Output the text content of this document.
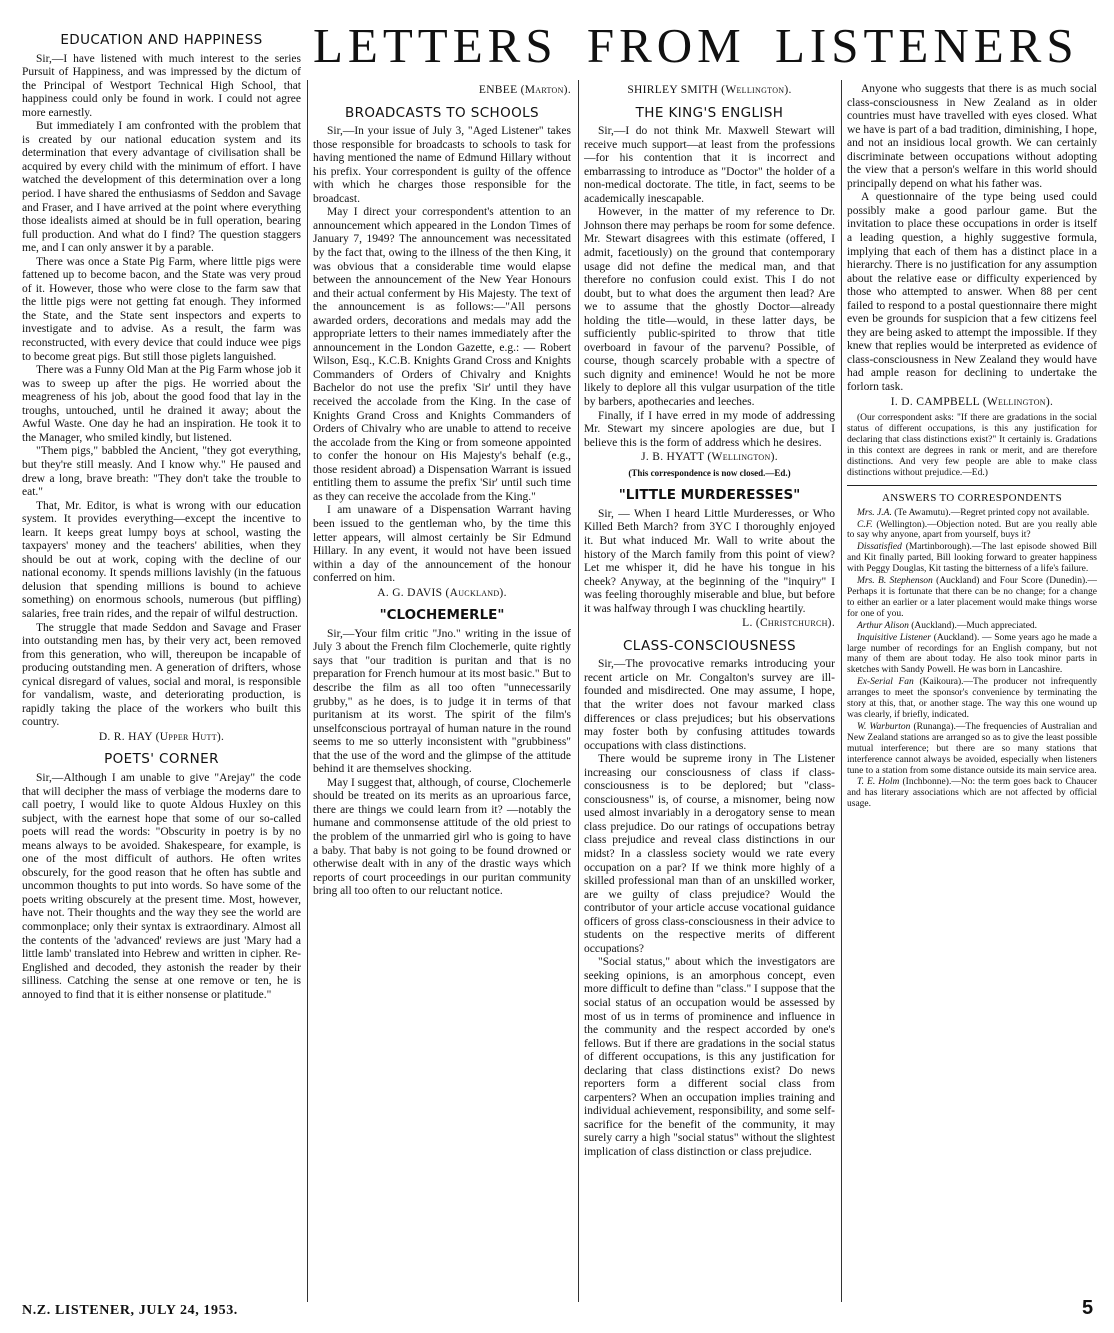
LETTERS FROM LISTENERS
EDUCATION AND HAPPINESS

Sir,—I have listened with much interest to the series Pursuit of Happiness, and was impressed by the dictum of the Principal of Westport Technical High School, that happiness could only be found in work. I could not agree more earnestly.

But immediately I am confronted with the problem that is created by our national education system and its determination that every advantage of civilisation shall be acquired by every child with the minimum of effort. I have watched the development of this determination over a long period. I have shared the enthusiasms of Seddon and Savage and Fraser, and I have arrived at the point where everything those idealists aimed at should be in full operation, bearing full production. And what do I find? The question staggers me, and I can only answer it by a parable.

There was once a State Pig Farm, where little pigs were fattened up to become bacon, and the State was very proud of it. However, those who were close to the farm saw that the little pigs were not getting fat enough. They informed the State, and the State sent inspectors and experts to investigate and to advise. As a result, the farm was reconstructed, with every device that could induce wee pigs to become great pigs. But still those piglets languished.

There was a Funny Old Man at the Pig Farm whose job it was to sweep up after the pigs. He worried about the meagreness of his job, about the good food that lay in the troughs, untouched, until he drained it away; about the Awful Waste. One day he had an inspiration. He took it to the Manager, who smiled kindly, but listened.

"Them pigs," babbled the Ancient, "they got everything, but they're still measly. And I know why." He paused and drew a long, brave breath: "They don't take the trouble to eat."

That, Mr. Editor, is what is wrong with our education system. It provides everything—except the incentive to learn. It keeps great lumpy boys at school, wasting the taxpayers' money and the teachers' abilities, when they should be out at work, coping with the decline of our national economy. It spends millions lavishly (in the fatuous delusion that spending millions is bound to achieve something) on enormous schools, numerous (but piffling) salaries, free train rides, and the repair of wilful destruction.

The struggle that made Seddon and Savage and Fraser into outstanding men has, by their very act, been removed from this generation, who will, thereupon be incapable of producing outstanding men. A generation of drifters, whose cynical disregard of values, social and moral, is responsible for vandalism, waste, and deteriorating production, is rapidly taking the place of the workers who built this country.

D. R. HAY (Upper Hutt).
POETS' CORNER

Sir,—Although I am unable to give "Arejay" the code that will decipher the mass of verbiage the moderns dare to call poetry, I would like to quote Aldous Huxley on this subject, with the earnest hope that some of our so-called poets will read the words: "Obscurity in poetry is by no means always to be avoided. Shakespeare, for example, is one of the most difficult of authors. He often writes obscurely, for the good reason that he often has subtle and uncommon thoughts to put into words. So have some of the poets writing obscurely at the present time. Most, however, have not. Their thoughts and the way they see the world are commonplace; only their syntax is extraordinary. Almost all the contents of the 'advanced' reviews are just 'Mary had a little lamb' translated into Hebrew and written in cipher. Re-Englished and decoded, they astonish the reader by their silliness. Catching the sense at one remove or ten, he is annoyed to find that it is either nonsense or platitude."

ENBEE (Marton).
BROADCASTS TO SCHOOLS

Sir,—In your issue of July 3, "Aged Listener" takes those responsible for broadcasts to schools to task for having mentioned the name of Edmund Hillary without his prefix. Your correspondent is guilty of the offence with which he charges those responsible for the broadcast.

May I direct your correspondent's attention to an announcement which appeared in the London Times of January 7, 1949? The announcement was necessitated by the fact that, owing to the illness of the then King, it was obvious that a considerable time would elapse between the announcement of the New Year Honours and their actual conferment by His Majesty. The text of the announcement is as follows:—"All persons awarded orders, decorations and medals may add the appropriate letters to their names immediately after the announcement in the London Gazette, e.g.: — Robert Wilson, Esq., K.C.B. Knights Grand Cross and Knights Commanders of Orders of Chivalry and Knights Bachelor do not use the prefix 'Sir' until they have received the accolade from the King. In the case of Knights Grand Cross and Knights Commanders of Orders of Chivalry who are unable to attend to receive the accolade from the King or from someone appointed to confer the honour on His Majesty's behalf (e.g., those resident abroad) a Dispensation Warrant is issued entitling them to assume the prefix 'Sir' until such time as they can receive the accolade from the King."

I am unaware of a Dispensation Warrant having been issued to the gentleman who, by the time this letter appears, will almost certainly be Sir Edmund Hillary. In any event, it would not have been issued within a day of the announcement of the honour conferred on him.

A. G. DAVIS (Auckland).
"CLOCHEMERLE"

Sir,—Your film critic "Jno." writing in the issue of July 3 about the French film Clochemerle, quite rightly says that "our tradition is puritan and that is no preparation for French humour at its most basic." But to describe the film as all too often "unnecessarily grubby," as he does, is to judge it in terms of that puritanism at its worst. The spirit of the film's unselfconscious portrayal of human nature in the round seems to me so utterly inconsistent with "grubbiness" that the use of the word and the glimpse of the attitude behind it are themselves shocking.

May I suggest that, although, of course, Clochemerle should be treated on its merits as an uproarious farce, there are things we could learn from it? —notably the humane and commonsense attitude of the old priest to the problem of the unmarried girl who is going to have a baby. That baby is not going to be found drowned or otherwise dealt with in any of the drastic ways which reports of court proceedings in our puritan community bring all too often to our reluctant notice.

SHIRLEY SMITH (Wellington).
THE KING'S ENGLISH

Sir,—I do not think Mr. Maxwell Stewart will receive much support—at least from the professions—for his contention that it is incorrect and embarrassing to introduce as "Doctor" the holder of a non-medical doctorate. The title, in fact, seems to be academically inescapable.

However, in the matter of my reference to Dr. Johnson there may perhaps be room for some defence. Mr. Stewart disagrees with this estimate (offered, I admit, facetiously) on the ground that contemporary usage did not define the medical man, and that therefore no confusion could exist. This I do not doubt, but to what does the argument then lead? Are we to assume that the ghostly Doctor—already holding the title—would, in these latter days, be sufficiently public-spirited to throw that title overboard in favour of the parvenu? Possible, of course, though scarcely probable with a spectre of such dignity and eminence! Would he not be more likely to deplore all this vulgar usurpation of the title by barbers, apothecaries and leeches.

Finally, if I have erred in my mode of addressing Mr. Stewart my sincere apologies are due, but I believe this is the form of address which he desires.

J. B. HYATT (Wellington).
(This correspondence is now closed.—Ed.)
"LITTLE MURDERESSES"

Sir, — When I heard Little Murderesses, or Who Killed Beth March? from 3YC I thoroughly enjoyed it. But what induced Mr. Wall to write about the history of the March family from this point of view? Let me whisper it, did he have his tongue in his cheek? Anyway, at the beginning of the "inquiry" I was feeling thoroughly miserable and blue, but before it was halfway through I was chuckling heartily.

L. (Christchurch).
CLASS-CONSCIOUSNESS

Sir,—The provocative remarks introducing your recent article on Mr. Congalton's survey are ill-founded and misdirected. One may assume, I hope, that the writer does not favour marked class differences or class prejudices; but his observations may foster both by confusing attitudes towards occupations with class distinctions.

There would be supreme irony in The Listener increasing our consciousness of class if class-consciousness is to be deplored; but "class-consciousness" is, of course, a misnomer, being now used almost invariably in a derogatory sense to mean class prejudice. Do our ratings of occupations betray class prejudice and reveal class distinctions in our midst? In a classless society would we rate every occupation on a par? If we think more highly of a skilled professional man than of an unskilled worker, are we guilty of class prejudice? Would the contributor of your article accuse vocational guidance officers of gross class-consciousness in their advice to students on the respective merits of different occupations?

"Social status," about which the investigators are seeking opinions, is an amorphous concept, even more difficult to define than "class." I suppose that the social status of an occupation would be assessed by most of us in terms of prominence and influence in the community and the respect accorded by one's fellows. But if there are gradations in the social status of different occupations, is this any justification for declaring that class distinctions exist? Do news reporters form a different social class from carpenters? When an occupation implies training and individual achievement, responsibility, and some self-sacrifice for the benefit of the community, it may surely carry a high "social status" without the slightest implication of class distinction or class prejudice.

Anyone who suggests that there is as much social class-consciousness in New Zealand as in older countries must have travelled with eyes closed. What we have is part of a bad tradition, diminishing, I hope, and not an insidious local growth. We can certainly discriminate between occupations without adopting the view that a person's welfare in this world should principally depend on what his father was.

A questionnaire of the type being used could possibly make a good parlour game. But the invitation to place these occupations in order is itself a leading question, a highly suggestive formula, implying that each of them has a distinct place in a hierarchy. There is no justification for any assumption about the relative ease or difficulty experienced by those who attempted to answer. When 88 per cent failed to respond to a postal questionnaire there might even be grounds for suspicion that a few citizens feel they are being asked to attempt the impossible. If they knew that replies would be interpreted as evidence of class-consciousness in New Zealand they would have had ample reason for declining to undertake the forlorn task.

I. D. CAMPBELL (Wellington).

(Our correspondent asks: "If there are gradations in the social status of different occupations, is this any justification for declaring that class distinctions exist?" It certainly is. Gradations in this context are degrees in rank or merit, and are therefore distinctions. And very few people are able to make class distinctions without prejudice.—Ed.)

ANSWERS TO CORRESPONDENTS

Mrs. J.A. (Te Awamutu).—Regret printed copy not available.

C.F. (Wellington).—Objection noted. But are you really able to say why anyone, apart from yourself, buys it?

Dissatisfied (Martinborough).—The last episode showed Bill and Kit finally parted, Bill looking forward to greater happiness with Peggy Douglas, Kit tasting the bitterness of a life's failure.

Mrs. B. Stephenson (Auckland) and Four Score (Dunedin).—Perhaps it is fortunate that there can be no change; for a change to either an earlier or a later placement would make things worse for one of you.

Arthur Alison (Auckland).—Much appreciated.

Inquisitive Listener (Auckland). — Some years ago he made a large number of recordings for an English company, but not many of them are about today. He also took minor parts in sketches with Sandy Powell. He was born in Lancashire.

Ex-Serial Fan (Kaikoura).—The producer not infrequently arranges to meet the sponsor's convenience by terminating the story at this, that, or another stage. The way this one wound up was clearly, if briefly, indicated.

W. Warburton (Runanga).—The frequencies of Australian and New Zealand stations are arranged so as to give the least possible mutual interference; but there are so many stations that interference cannot always be avoided, especially when listeners tune to a station from some distance outside its main service area.

T. E. Holm (Inchbonne).—No: the term goes back to Chaucer and has literary associations which are not affected by official usage.

N.Z. LISTENER, JULY 24, 1953.	5
